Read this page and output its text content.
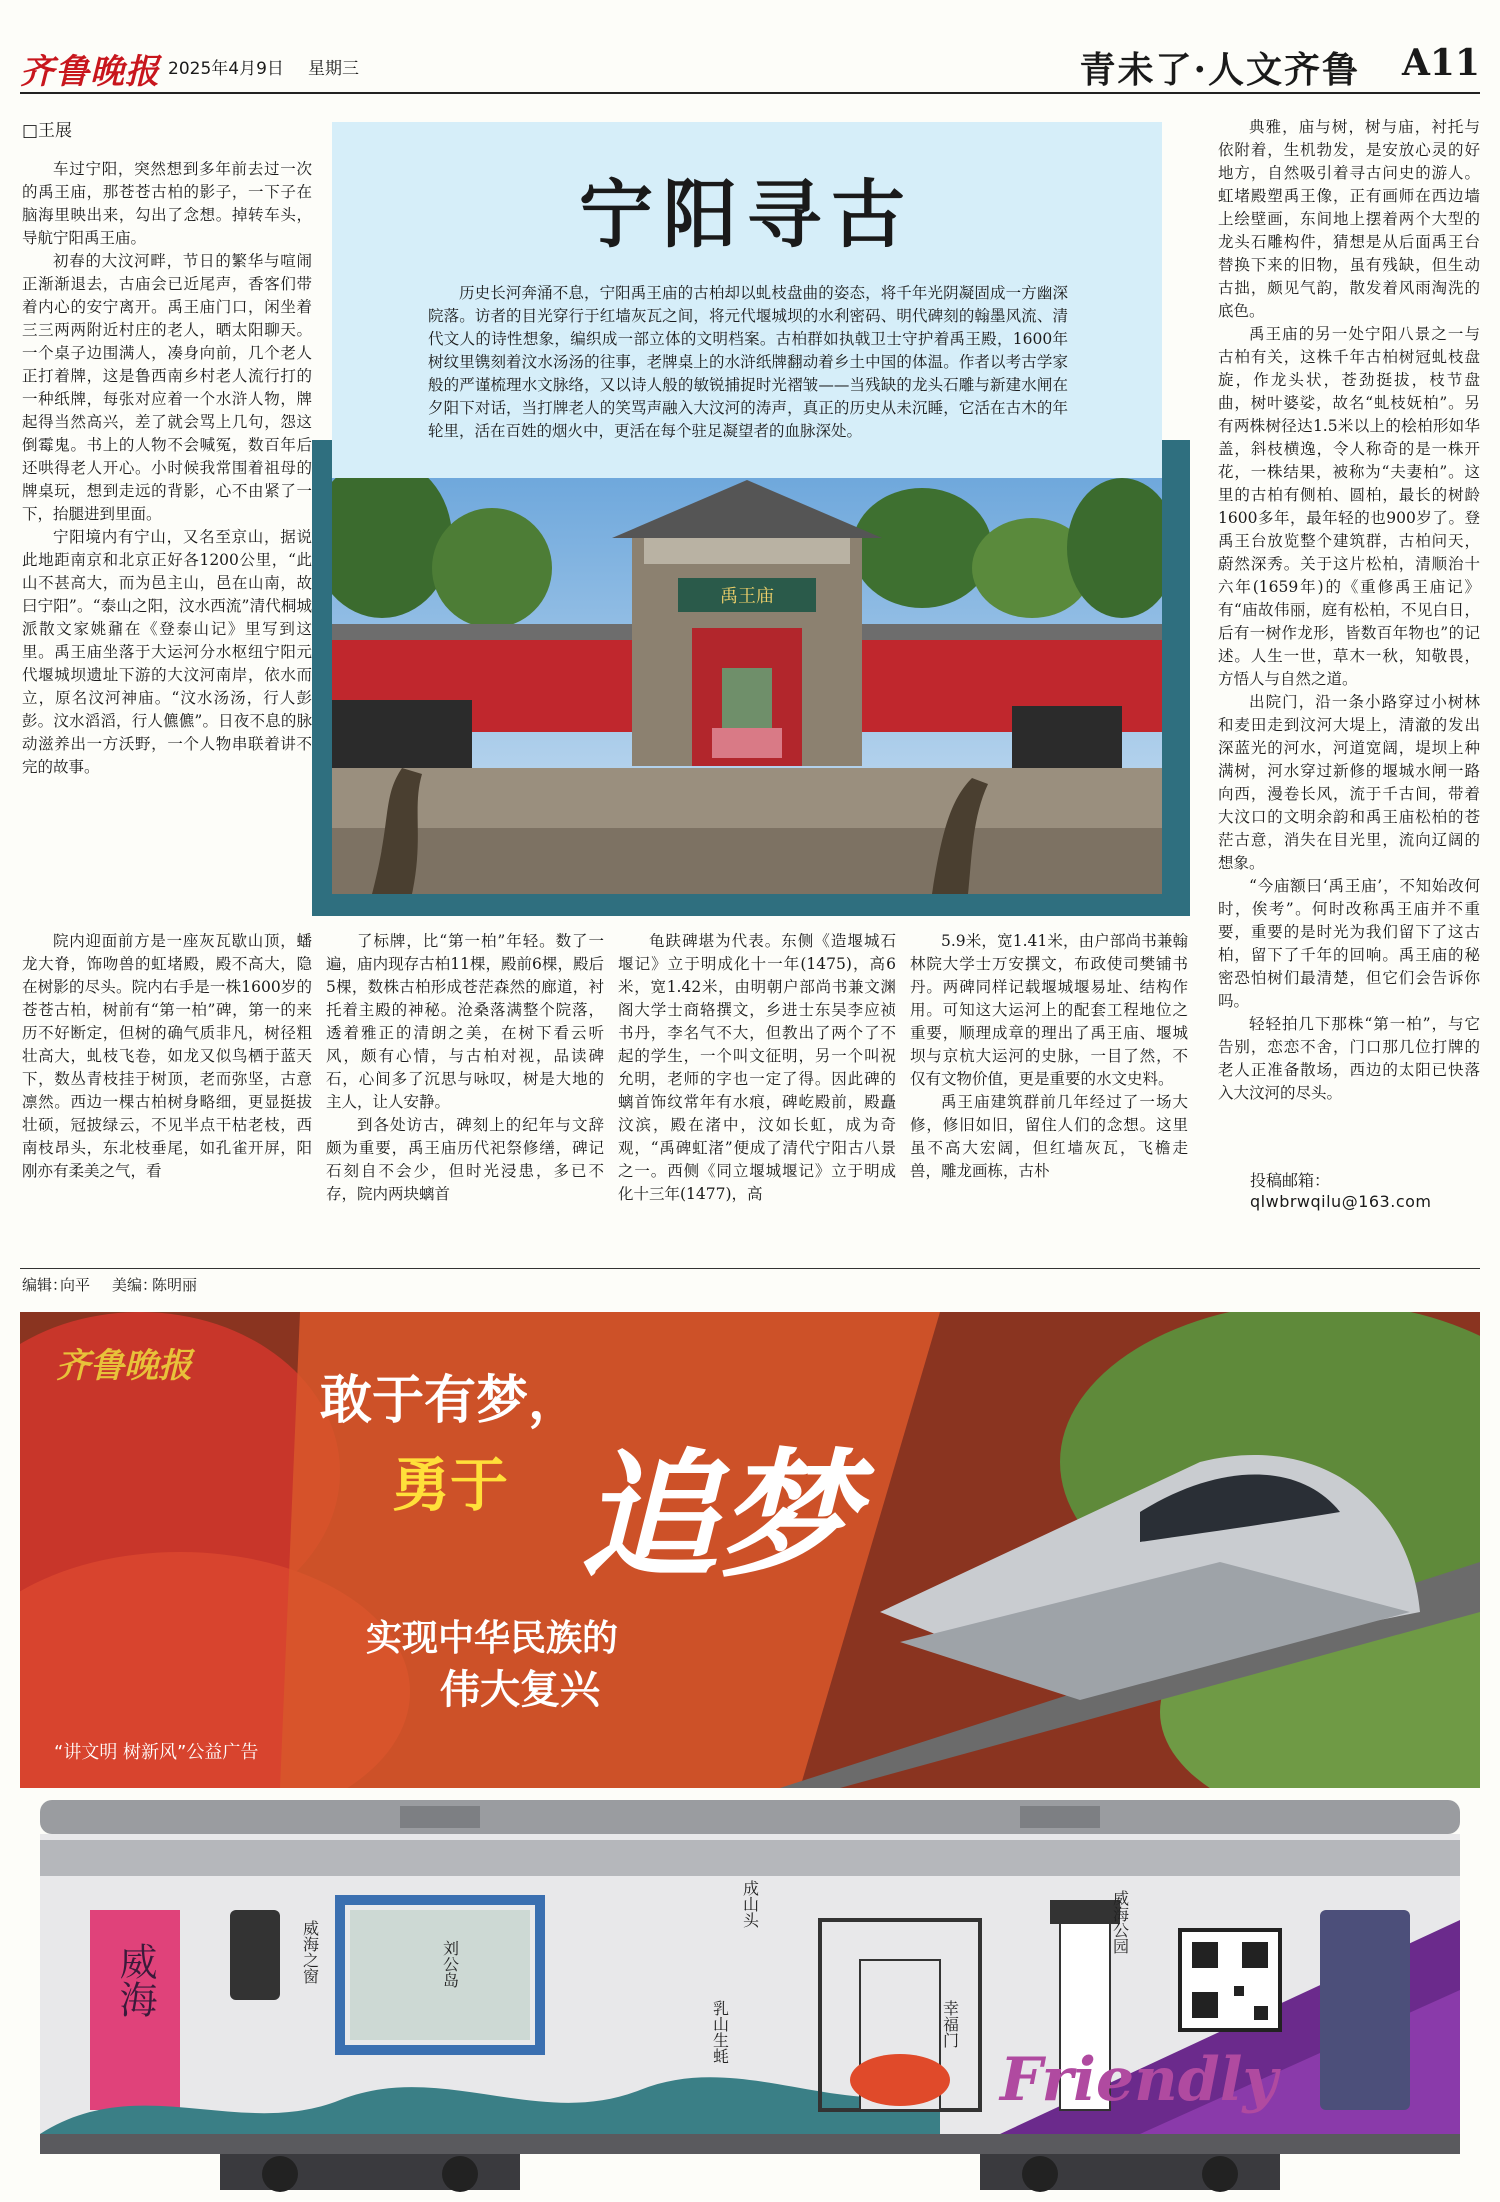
齐鲁晚报 2025年4月9日 星期三	青未了·人文齐鲁 A11
□王展

车过宁阳，突然想到多年前去过一次的禹王庙，那苍苍古柏的影子，一下子在脑海里映出来，勾出了念想。掉转车头，导航宁阳禹王庙。

初春的大汶河畔，节日的繁华与喧闹正渐渐退去，古庙会已近尾声，香客们带着内心的安宁离开。禹王庙门口，闲坐着三三两两附近村庄的老人，晒太阳聊天。一个桌子边围满人，凑身向前，几个老人正打着牌，这是鲁西南乡村老人流行打的一种纸牌，每张对应着一个水浒人物，牌起得当然高兴，差了就会骂上几句，怨这倒霉鬼。书上的人物不会喊冤，数百年后还哄得老人开心。小时候我常围着祖母的牌桌玩，想到走远的背影，心不由紧了一下，抬腿进到里面。

宁阳境内有宁山，又名至京山，据说此地距南京和北京正好各1200公里，“此山不甚高大，而为邑主山，邑在山南，故曰宁阳”。“泰山之阳，汶水西流”清代桐城派散文家姚鼐在《登泰山记》里写到这里。禹王庙坐落于大运河分水枢纽宁阳元代堰城坝遗址下游的大汶河南岸，依水而立，原名汶河神庙。“汶水汤汤，行人彭彭。汶水滔滔，行人儦儦”。日夜不息的脉动滋养出一方沃野，一个人物串联着讲不完的故事。

宁阳寻古

历史长河奔涌不息，宁阳禹王庙的古柏却以虬枝盘曲的姿态，将千年光阴凝固成一方幽深院落。访者的目光穿行于红墙灰瓦之间，将元代堰城坝的水利密码、明代碑刻的翰墨风流、清代文人的诗性想象，编织成一部立体的文明档案。古柏群如执戟卫士守护着禹王殿，1600年树纹里镌刻着汶水汤汤的往事，老牌桌上的水浒纸牌翻动着乡土中国的体温。作者以考古学家般的严谨梳理水文脉络，又以诗人般的敏锐捕捉时光褶皱——当残缺的龙头石雕与新建水闸在夕阳下对话，当打牌老人的笑骂声融入大汶河的涛声，真正的历史从未沉睡，它活在古木的年轮里，活在百姓的烟火中，更活在每个驻足凝望者的血脉深处。

禹王庙

院内迎面前方是一座灰瓦歇山顶，蟠龙大脊，饰吻兽的虹堵殿，殿不高大，隐在树影的尽头。院内右手是一株1600岁的苍苍古柏，树前有“第一柏”碑，第一的来历不好断定，但树的确气质非凡，树径粗壮高大，虬枝飞卷，如龙又似鸟栖于蓝天下，数丛青枝挂于树顶，老而弥坚，古意凛然。西边一棵古柏树身略细，更显挺拔壮硕，冠披绿云，不见半点干枯老枝，西南枝昂头，东北枝垂尾，如孔雀开屏，阳刚亦有柔美之气，看

了标牌，比“第一柏”年轻。数了一遍，庙内现存古柏11棵，殿前6棵，殿后5棵，数株古柏形成苍茫森然的廊道，衬托着主殿的神秘。沧桑落满整个院落，透着雅正的清朗之美，在树下看云听风，颇有心情，与古柏对视，品读碑石，心间多了沉思与咏叹，树是大地的主人，让人安静。

到各处访古，碑刻上的纪年与文辞颇为重要，禹王庙历代祀祭修缮，碑记石刻自不会少，但时光浸患，多已不存，院内两块螭首

龟趺碑堪为代表。东侧《造堰城石堰记》立于明成化十一年(1475)，高6米，宽1.42米，由明朝户部尚书兼文渊阁大学士商辂撰文，乡进士东吴李应祯书丹，李名气不大，但教出了两个了不起的学生，一个叫文征明，另一个叫祝允明，老师的字也一定了得。因此碑的螭首饰纹常年有水痕，碑屹殿前，殿矗汶滨，殿在渚中，汶如长虹，成为奇观，“禹碑虹渚”便成了清代宁阳古八景之一。西侧《同立堰城堰记》立于明成化十三年(1477)，高

5.9米，宽1.41米，由户部尚书兼翰林院大学士万安撰文，布政使司樊铺书丹。两碑同样记载堰城堰易址、结构作用。可知这大运河上的配套工程地位之重要，顺理成章的理出了禹王庙、堰城坝与京杭大运河的史脉，一目了然，不仅有文物价值，更是重要的水文史料。

禹王庙建筑群前几年经过了一场大修，修旧如旧，留住人们的念想。这里虽不高大宏阔，但红墙灰瓦，飞檐走兽，雕龙画栋，古朴

典雅，庙与树，树与庙，衬托与依附着，生机勃发，是安放心灵的好地方，自然吸引着寻古问史的游人。虹堵殿塑禹王像，正有画师在西边墙上绘壁画，东间地上摆着两个大型的龙头石雕构件，猜想是从后面禹王台替换下来的旧物，虽有残缺，但生动古拙，颇见气韵，散发着风雨淘洗的底色。

禹王庙的另一处宁阳八景之一与古柏有关，这株千年古柏树冠虬枝盘旋，作龙头状，苍劲挺拔，枝节盘曲，树叶婆娑，故名“虬枝妩柏”。另有两株树径达1.5米以上的桧柏形如华盖，斜枝横逸，令人称奇的是一株开花，一株结果，被称为“夫妻柏”。这里的古柏有侧柏、圆柏，最长的树龄1600多年，最年轻的也900岁了。登禹王台放览整个建筑群，古柏问天，蔚然深秀。关于这片松柏，清顺治十六年(1659年)的《重修禹王庙记》有“庙故伟丽，庭有松柏，不见白日，后有一树作龙形，皆数百年物也”的记述。人生一世，草木一秋，知敬畏，方悟人与自然之道。

出院门，沿一条小路穿过小树林和麦田走到汶河大堤上，清澈的发出深蓝光的河水，河道宽阔，堤坝上种满树，河水穿过新修的堰城水闸一路向西，漫卷长风，流于千古间，带着大汶口的文明余韵和禹王庙松柏的苍茫古意，消失在目光里，流向辽阔的想象。

“今庙额曰‘禹王庙’，不知始改何时，俟考”。何时改称禹王庙并不重要，重要的是时光为我们留下了这古柏，留下了千年的回响。禹王庙的秘密恐怕树们最清楚，但它们会告诉你吗。

轻轻拍几下那株“第一柏”，与它告别，恋恋不舍，门口那几位打牌的老人正准备散场，西边的太阳已快落入大汶河的尽头。

投稿邮箱：
qlwbrwqilu@163.com
编辑：
向平 美编：
陈明丽
齐鲁晚报
敢于有梦，
勇于 追梦
实现中华民族的
伟大复兴
“讲文明 树新风”公益广告
威海	威海之窗	刘公岛
成山头
乳山生蚝	幸福门
威海公园
Friendly
